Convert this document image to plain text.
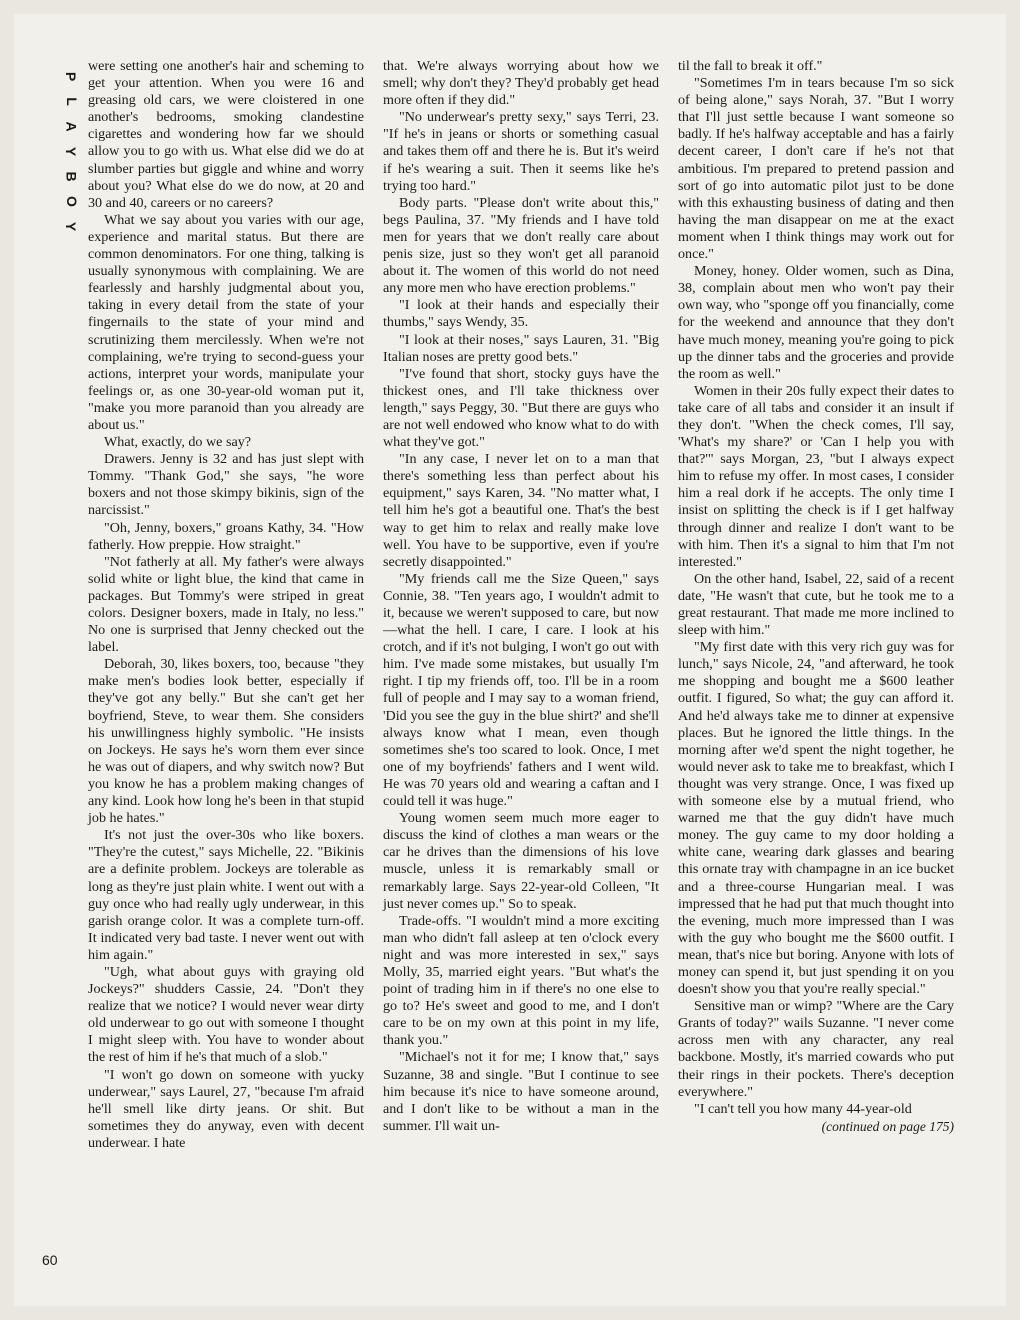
P
L
A
Y
B
O
Y

were setting one another's hair and scheming to get your attention. When you were 16 and greasing old cars, we were cloistered in one another's bedrooms, smoking clandestine cigarettes and wondering how far we should allow you to go with us. What else did we do at slumber parties but giggle and whine and worry about you? What else do we do now, at 20 and 30 and 40, careers or no careers?

What we say about you varies with our age, experience and marital status. But there are common denominators. For one thing, talking is usually synonymous with complaining. We are fearlessly and harshly judgmental about you, taking in every detail from the state of your fingernails to the state of your mind and scrutinizing them mercilessly. When we're not complaining, we're trying to second-guess your actions, interpret your words, manipulate your feelings or, as one 30-year-old woman put it, "make you more paranoid than you already are about us."

What, exactly, do we say?

Drawers. Jenny is 32 and has just slept with Tommy. "Thank God," she says, "he wore boxers and not those skimpy bikinis, sign of the narcissist."

"Oh, Jenny, boxers," groans Kathy, 34. "How fatherly. How preppie. How straight."

"Not fatherly at all. My father's were always solid white or light blue, the kind that came in packages. But Tommy's were striped in great colors. Designer boxers, made in Italy, no less." No one is surprised that Jenny checked out the label.

Deborah, 30, likes boxers, too, because "they make men's bodies look better, especially if they've got any belly." But she can't get her boyfriend, Steve, to wear them. She considers his unwillingness highly symbolic. "He insists on Jockeys. He says he's worn them ever since he was out of diapers, and why switch now? But you know he has a problem making changes of any kind. Look how long he's been in that stupid job he hates."

It's not just the over-30s who like boxers. "They're the cutest," says Michelle, 22. "Bikinis are a definite problem. Jockeys are tolerable as long as they're just plain white. I went out with a guy once who had really ugly underwear, in this garish orange color. It was a complete turn-off. It indicated very bad taste. I never went out with him again."

"Ugh, what about guys with graying old Jockeys?" shudders Cassie, 24. "Don't they realize that we notice? I would never wear dirty old underwear to go out with someone I thought I might sleep with. You have to wonder about the rest of him if he's that much of a slob."

"I won't go down on someone with yucky underwear," says Laurel, 27, "because I'm afraid he'll smell like dirty jeans. Or shit. But sometimes they do anyway, even with decent underwear. I hate

that. We're always worrying about how we smell; why don't they? They'd probably get head more often if they did."

"No underwear's pretty sexy," says Terri, 23. "If he's in jeans or shorts or something casual and takes them off and there he is. But it's weird if he's wearing a suit. Then it seems like he's trying too hard."

Body parts. "Please don't write about this," begs Paulina, 37. "My friends and I have told men for years that we don't really care about penis size, just so they won't get all paranoid about it. The women of this world do not need any more men who have erection problems."

"I look at their hands and especially their thumbs," says Wendy, 35.

"I look at their noses," says Lauren, 31. "Big Italian noses are pretty good bets."

"I've found that short, stocky guys have the thickest ones, and I'll take thickness over length," says Peggy, 30. "But there are guys who are not well endowed who know what to do with what they've got."

"In any case, I never let on to a man that there's something less than perfect about his equipment," says Karen, 34. "No matter what, I tell him he's got a beautiful one. That's the best way to get him to relax and really make love well. You have to be supportive, even if you're secretly disappointed."

"My friends call me the Size Queen," says Connie, 38. "Ten years ago, I wouldn't admit to it, because we weren't supposed to care, but now—what the hell. I care, I care. I look at his crotch, and if it's not bulging, I won't go out with him. I've made some mistakes, but usually I'm right. I tip my friends off, too. I'll be in a room full of people and I may say to a woman friend, 'Did you see the guy in the blue shirt?' and she'll always know what I mean, even though sometimes she's too scared to look. Once, I met one of my boyfriends' fathers and I went wild. He was 70 years old and wearing a caftan and I could tell it was huge."

Young women seem much more eager to discuss the kind of clothes a man wears or the car he drives than the dimensions of his love muscle, unless it is remarkably small or remarkably large. Says 22-year-old Colleen, "It just never comes up." So to speak.

Trade-offs. "I wouldn't mind a more exciting man who didn't fall asleep at ten o'clock every night and was more interested in sex," says Molly, 35, married eight years. "But what's the point of trading him in if there's no one else to go to? He's sweet and good to me, and I don't care to be on my own at this point in my life, thank you."

"Michael's not it for me; I know that," says Suzanne, 38 and single. "But I continue to see him because it's nice to have someone around, and I don't like to be without a man in the summer. I'll wait un-

til the fall to break it off."

"Sometimes I'm in tears because I'm so sick of being alone," says Norah, 37. "But I worry that I'll just settle because I want someone so badly. If he's halfway acceptable and has a fairly decent career, I don't care if he's not that ambitious. I'm prepared to pretend passion and sort of go into automatic pilot just to be done with this exhausting business of dating and then having the man disappear on me at the exact moment when I think things may work out for once."

Money, honey. Older women, such as Dina, 38, complain about men who won't pay their own way, who "sponge off you financially, come for the weekend and announce that they don't have much money, meaning you're going to pick up the dinner tabs and the groceries and provide the room as well."

Women in their 20s fully expect their dates to take care of all tabs and consider it an insult if they don't. "When the check comes, I'll say, 'What's my share?' or 'Can I help you with that?'" says Morgan, 23, "but I always expect him to refuse my offer. In most cases, I consider him a real dork if he accepts. The only time I insist on splitting the check is if I get halfway through dinner and realize I don't want to be with him. Then it's a signal to him that I'm not interested."

On the other hand, Isabel, 22, said of a recent date, "He wasn't that cute, but he took me to a great restaurant. That made me more inclined to sleep with him."

"My first date with this very rich guy was for lunch," says Nicole, 24, "and afterward, he took me shopping and bought me a $600 leather outfit. I figured, So what; the guy can afford it. And he'd always take me to dinner at expensive places. But he ignored the little things. In the morning after we'd spent the night together, he would never ask to take me to breakfast, which I thought was very strange. Once, I was fixed up with someone else by a mutual friend, who warned me that the guy didn't have much money. The guy came to my door holding a white cane, wearing dark glasses and bearing this ornate tray with champagne in an ice bucket and a three-course Hungarian meal. I was impressed that he had put that much thought into the evening, much more impressed than I was with the guy who bought me the $600 outfit. I mean, that's nice but boring. Anyone with lots of money can spend it, but just spending it on you doesn't show you that you're really special."

Sensitive man or wimp? "Where are the Cary Grants of today?" wails Suzanne. "I never come across men with any character, any real backbone. Mostly, it's married cowards who put their rings in their pockets. There's deception everywhere."

"I can't tell you how many 44-year-old

(continued on page 175)

60
